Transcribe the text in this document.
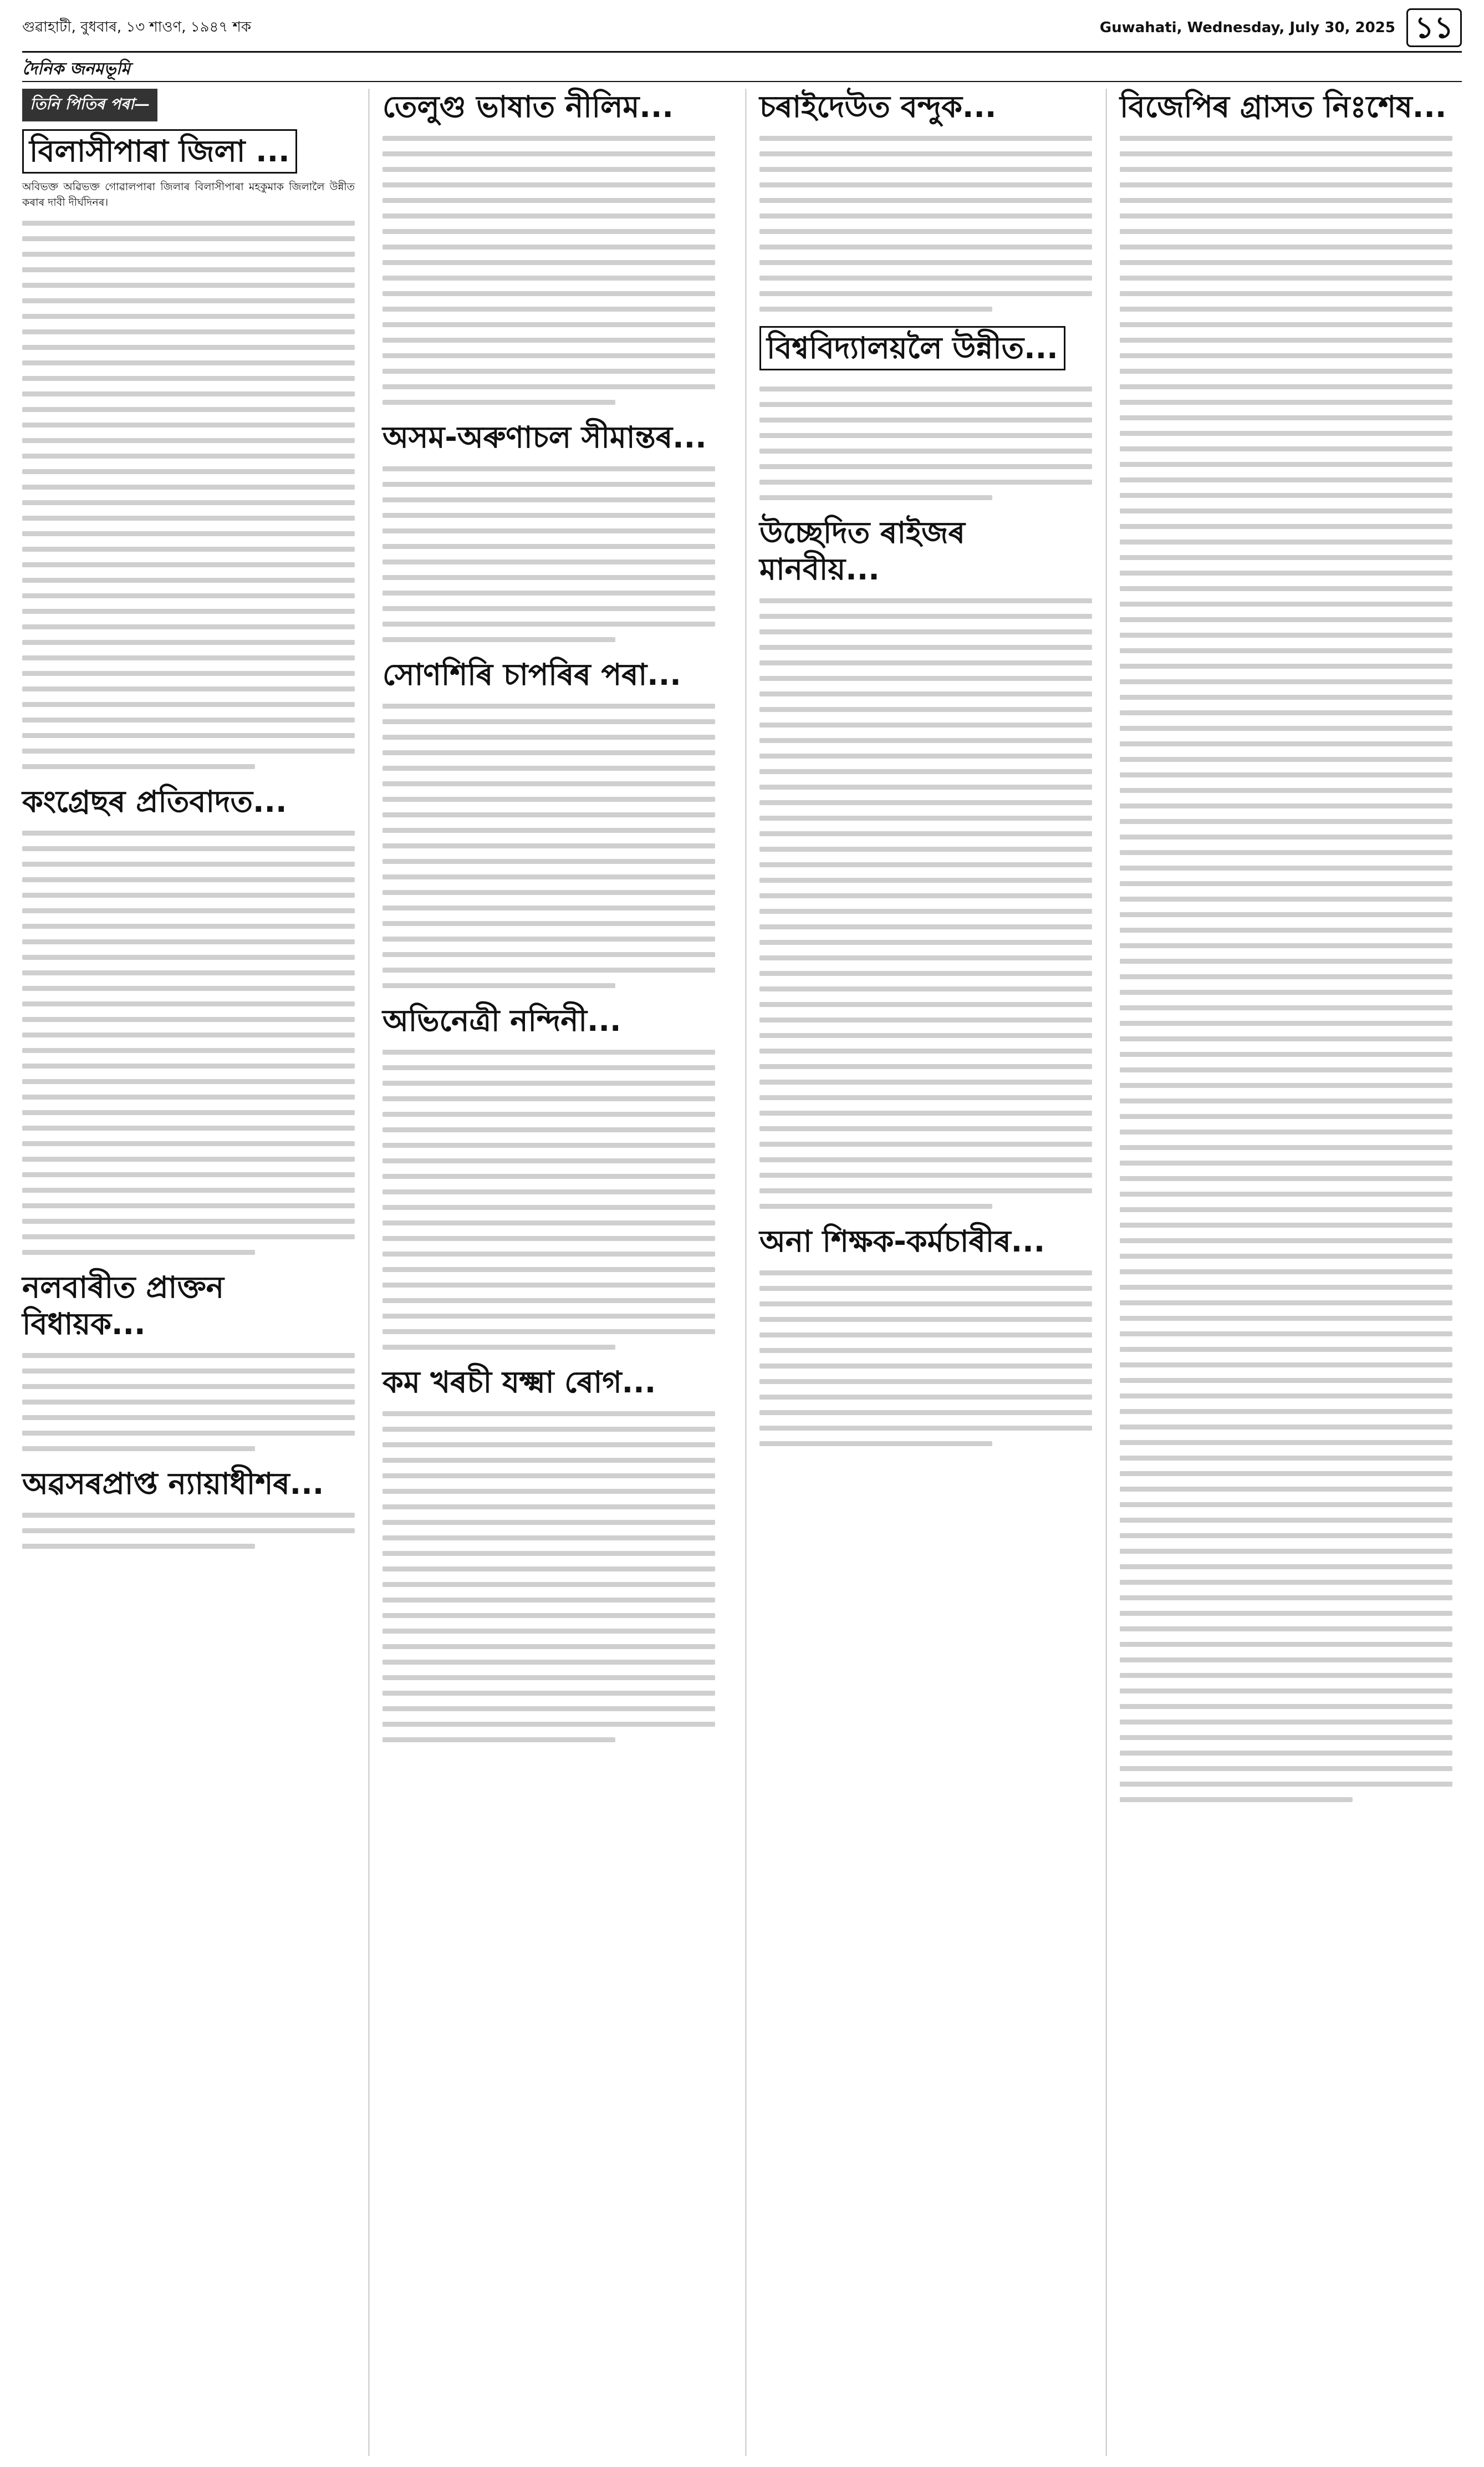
গুৱাহাটী, বুধবাৰ, ১৩ শাওণ, ১৯৪৭ শক	Guwahati, Wednesday, July 30, 2025 ১১
দৈনিক জনমভূমি
তিনি পিতিৰ পৰা—
বিলাসীপাৰা জিলা ...

অবিভক্ত অৱিভক্ত গোৱালপাৰা জিলাৰ বিলাসীপাৰা মহকুমাক জিলালৈ উন্নীত কৰাৰ দাবী দীৰ্ঘদিনৰ।

কংগ্ৰেছৰ প্ৰতিবাদত...
নলবাৰীত প্ৰাক্তন বিধায়ক...
অৱসৰপ্ৰাপ্ত ন্যায়াধীশৰ...
তেলুগু ভাষাত নীলিম...
অসম-অৰুণাচল সীমান্তৰ...
সোণশিৰি চাপৰিৰ পৰা...
অভিনেত্ৰী নন্দিনী...
কম খৰচী যক্ষ্মা ৰোগ...
চৰাইদেউত বন্দুক...
বিশ্ববিদ্যালয়লৈ উন্নীত...
উচ্ছেদিত ৰাইজৰ মানবীয়...
অনা শিক্ষক-কৰ্মচাৰীৰ...
বিজেপিৰ গ্ৰাসত নিঃশেষ...
